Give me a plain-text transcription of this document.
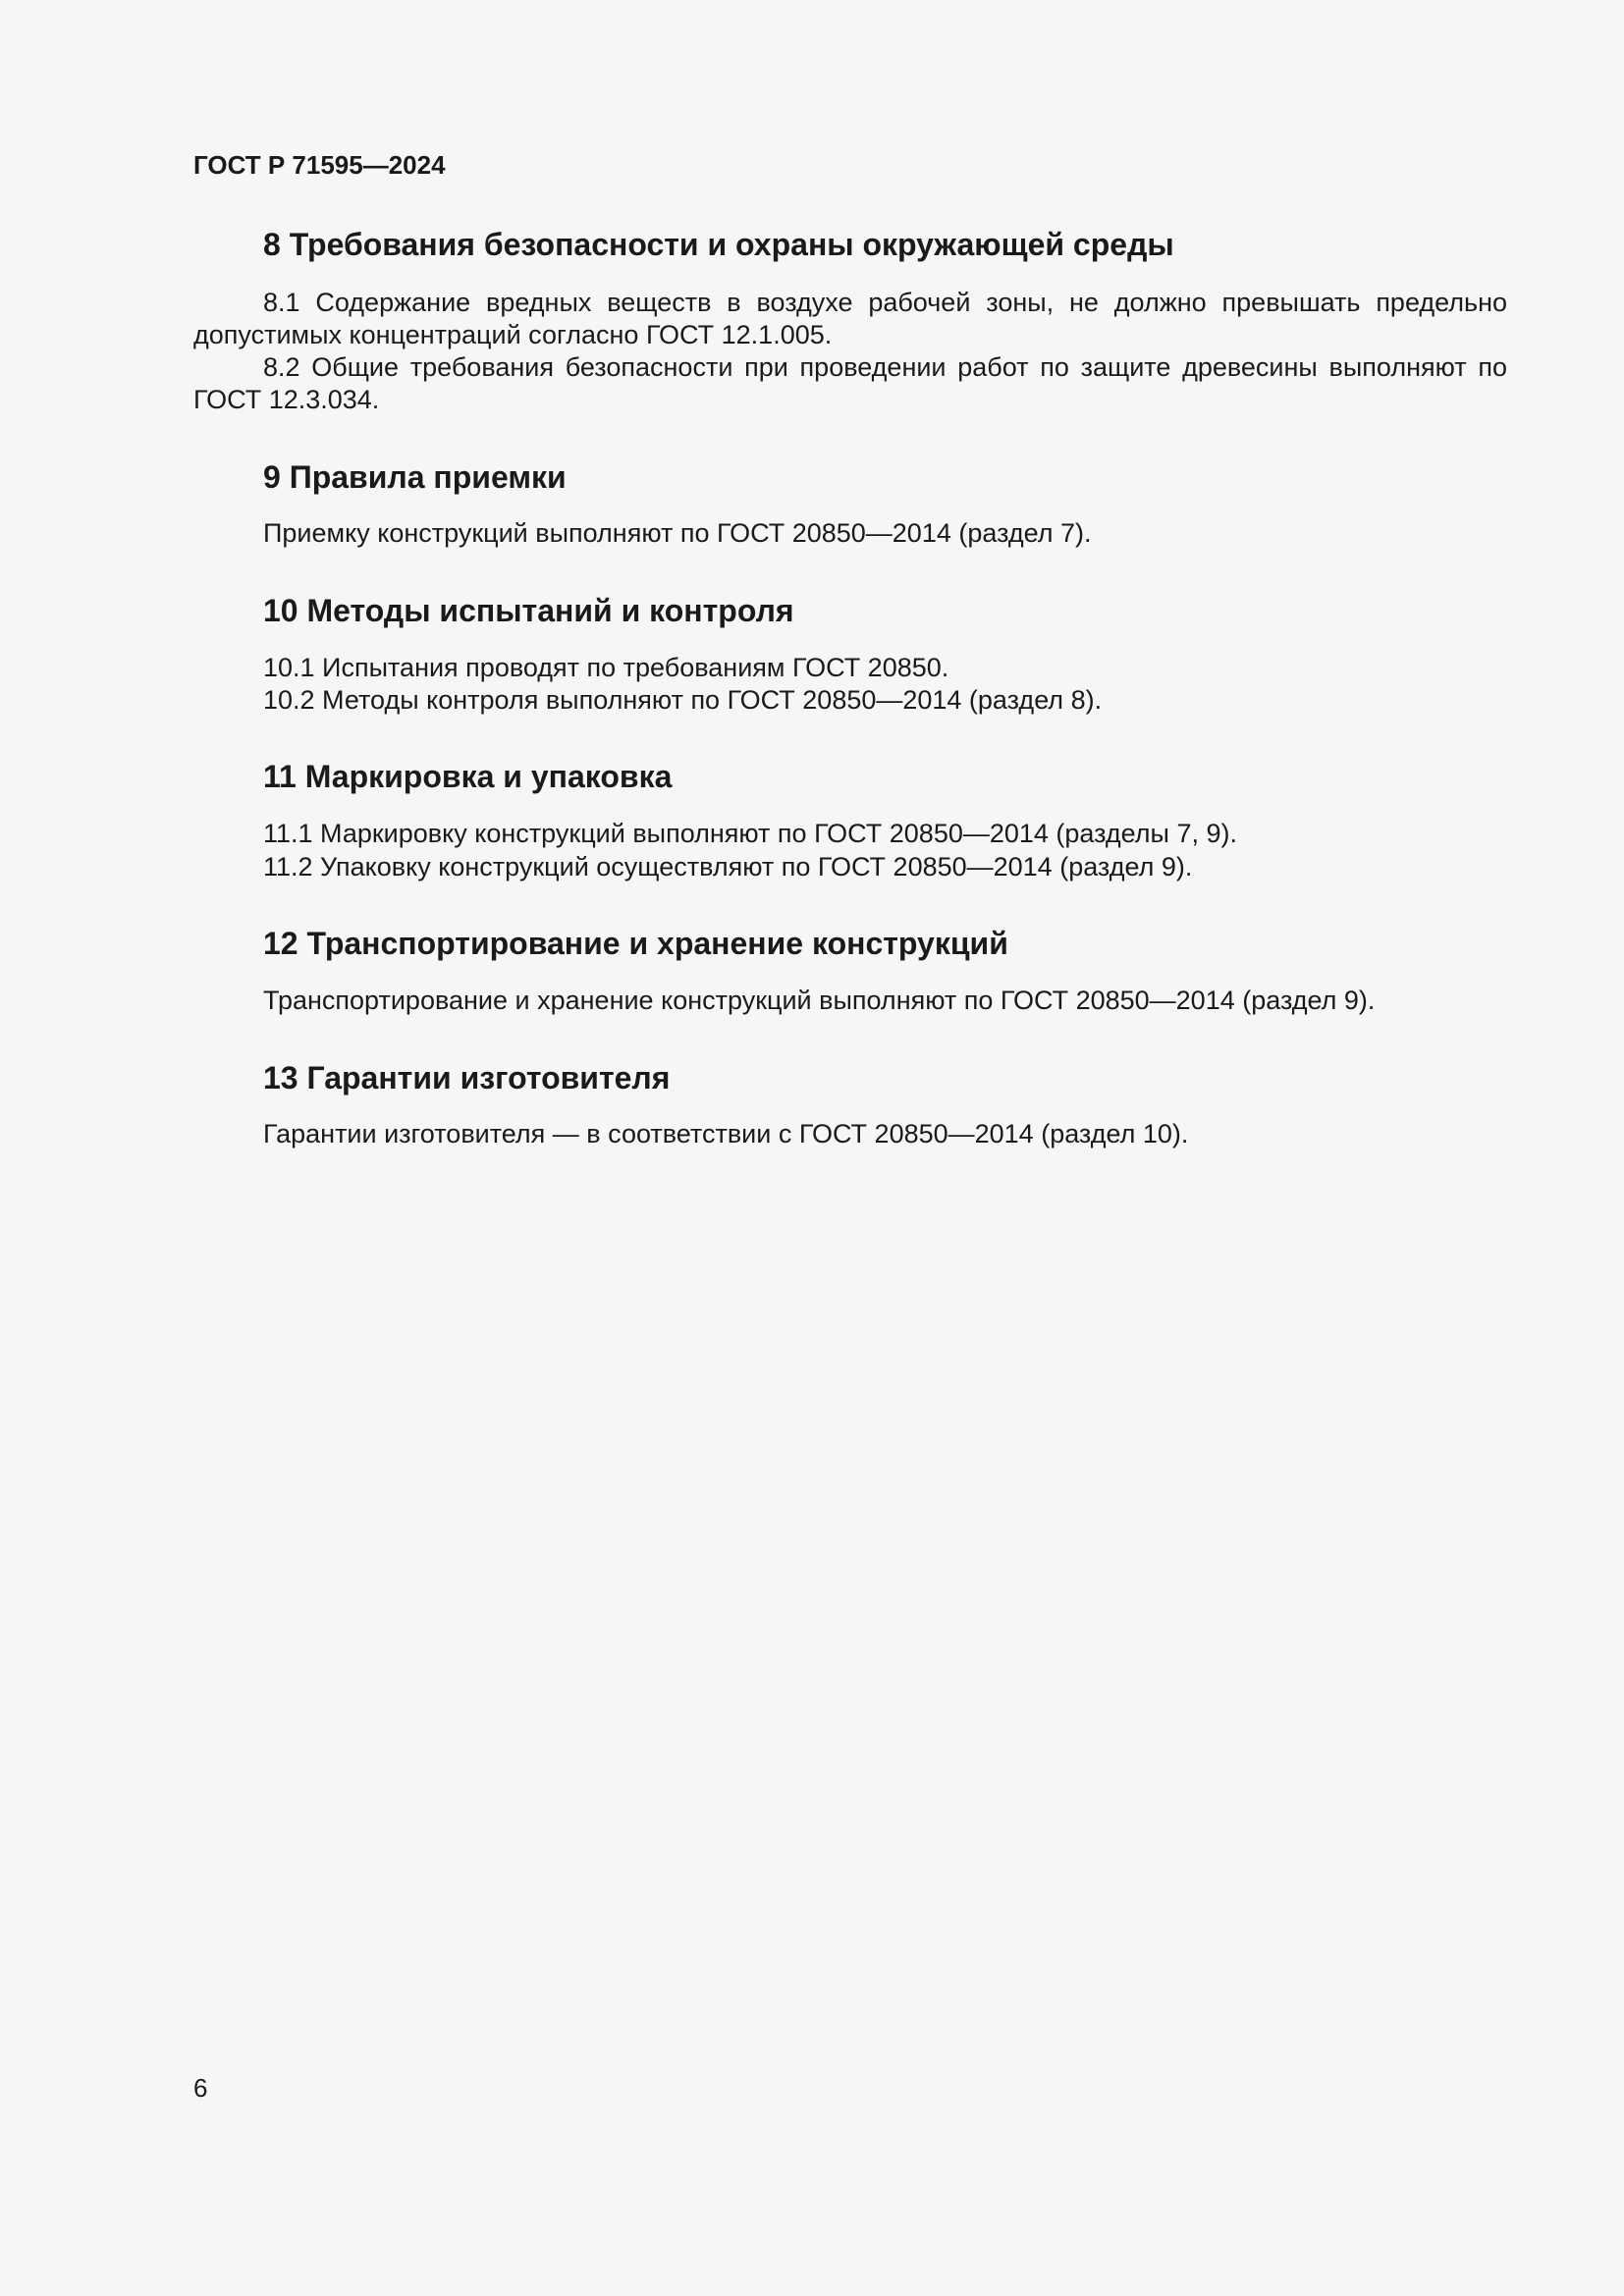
ГОСТ Р 71595—2024

8 Требования безопасности и охраны окружающей среды

8.1 Содержание вредных веществ в воздухе рабочей зоны, не должно превышать предельно допустимых концентраций согласно ГОСТ 12.1.005.

8.2 Общие требования безопасности при проведении работ по защите древесины выполняют по ГОСТ 12.3.034.

9 Правила приемки

Приемку конструкций выполняют по ГОСТ 20850—2014 (раздел 7).

10 Методы испытаний и контроля

10.1 Испытания проводят по требованиям ГОСТ 20850.

10.2 Методы контроля выполняют по ГОСТ 20850—2014 (раздел 8).

11 Маркировка и упаковка

11.1 Маркировку конструкций выполняют по ГОСТ 20850—2014 (разделы 7, 9).

11.2 Упаковку конструкций осуществляют по ГОСТ 20850—2014 (раздел 9).

12 Транспортирование и хранение конструкций

Транспортирование и хранение конструкций выполняют по ГОСТ 20850—2014 (раздел 9).

13 Гарантии изготовителя

Гарантии изготовителя — в соответствии с ГОСТ 20850—2014 (раздел 10).

6
